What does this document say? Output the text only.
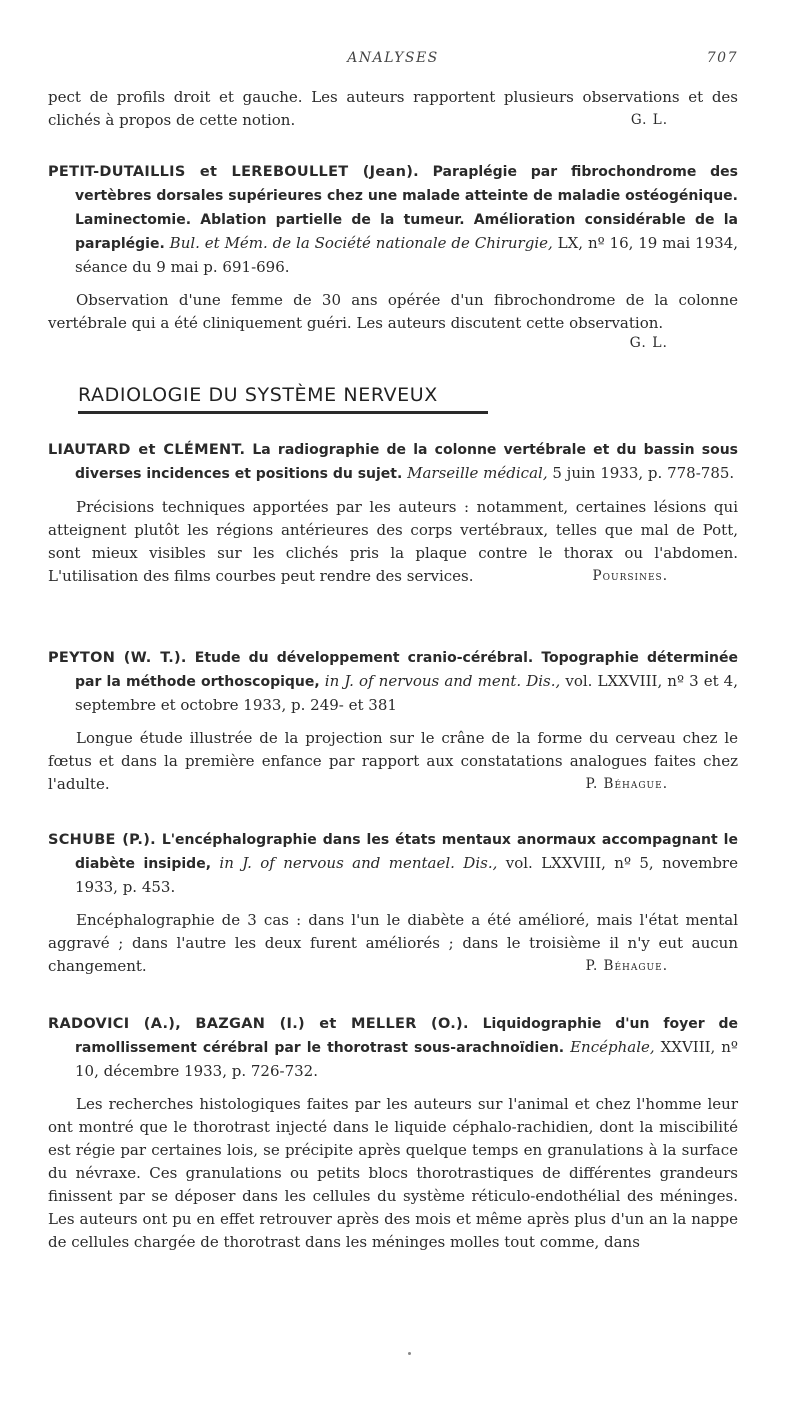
ANALYSES	707

pect de profils droit et gauche. Les auteurs rapportent plusieurs observations et des clichés à propos de cette notion.	G. L.

PETIT-DUTAILLIS et LEREBOULLET (Jean). Paraplégie par fibrochondrome des vertèbres dorsales supérieures chez une malade atteinte de maladie ostéogénique. Laminectomie. Ablation partielle de la tumeur. Amélioration considérable de la paraplégie. Bul. et Mém. de la Société nationale de Chirurgie, LX, nº 16, 19 mai 1934, séance du 9 mai p. 691-696.

Observation d'une femme de 30 ans opérée d'un fibrochondrome de la colonne vertébrale qui a été cliniquement guéri. Les auteurs discutent cette observation.

G. L.
RADIOLOGIE DU SYSTÈME NERVEUX

LIAUTARD et CLÉMENT. La radiographie de la colonne vertébrale et du bassin sous diverses incidences et positions du sujet. Marseille médical, 5 juin 1933, p. 778-785.

Précisions techniques apportées par les auteurs : notamment, certaines lésions qui atteignent plutôt les régions antérieures des corps vertébraux, telles que mal de Pott, sont mieux visibles sur les clichés pris la plaque contre le thorax ou l'abdomen. L'utilisation des films courbes peut rendre des services.	Poursines.

PEYTON (W. T.). Etude du développement cranio-cérébral. Topographie déterminée par la méthode orthoscopique, in J. of nervous and ment. Dis., vol. LXXVIII, nº 3 et 4, septembre et octobre 1933, p. 249- et 381

Longue étude illustrée de la projection sur le crâne de la forme du cerveau chez le fœtus et dans la première enfance par rapport aux constatations analogues faites chez l'adulte.	P. Béhague.

SCHUBE (P.). L'encéphalographie dans les états mentaux anormaux accompagnant le diabète insipide, in J. of nervous and mentael. Dis., vol. LXXVIII, nº 5, novembre 1933, p. 453.

Encéphalographie de 3 cas : dans l'un le diabète a été amélioré, mais l'état mental aggravé ; dans l'autre les deux furent améliorés ; dans le troisième il n'y eut aucun changement.	P. Béhague.

RADOVICI (A.), BAZGAN (I.) et MELLER (O.). Liquidographie d'un foyer de ramollissement cérébral par le thorotrast sous-arachnoïdien. Encéphale, XXVIII, nº 10, décembre 1933, p. 726-732.

Les recherches histologiques faites par les auteurs sur l'animal et chez l'homme leur ont montré que le thorotrast injecté dans le liquide céphalo-rachidien, dont la miscibilité est régie par certaines lois, se précipite après quelque temps en granulations à la surface du névraxe. Ces granulations ou petits blocs thorotrastiques de différentes grandeurs finissent par se déposer dans les cellules du système réticulo-endothélial des méninges. Les auteurs ont pu en effet retrouver après des mois et même après plus d'un an la nappe de cellules chargée de thorotrast dans les méninges molles tout comme, dans
